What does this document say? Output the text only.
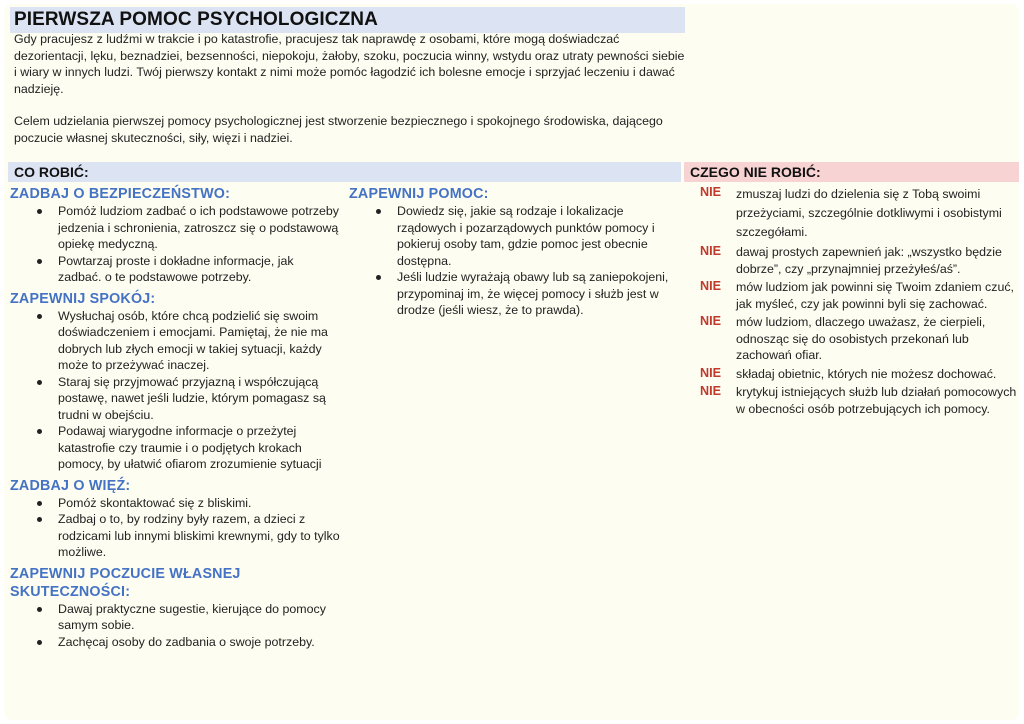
PIERWSZA POMOC PSYCHOLOGICZNA

Gdy pracujesz z ludźmi w trakcie i po katastrofie, pracujesz tak naprawdę z osobami, które mogą doświadczać dezorientacji, lęku, beznadziei, bezsenności, niepokoju, żałoby, szoku, poczucia winny, wstydu oraz utraty pewności siebie i wiary w innych ludzi. Twój pierwszy kontakt z nimi może pomóc łagodzić ich bolesne emocje i sprzyjać leczeniu i dawać nadzieję.

Celem udzielania pierwszej pomocy psychologicznej jest stworzenie bezpiecznego i spokojnego środowiska, dającego poczucie własnej skuteczności, siły, więzi i nadziei.

CO ROBIĆ:	CZEGO NIE ROBIĆ:
ZADBAJ O BEZPIECZEŃSTWO:
Pomóż ludziom zadbać o ich podstawowe potrzeby jedzenia i schronienia, zatroszcz się o podstawową opiekę medyczną.
Powtarzaj proste i dokładne informacje, jak zadbać. o te podstawowe potrzeby.
ZAPEWNIJ SPOKÓJ:
Wysłuchaj osób, które chcą podzielić się swoim doświadczeniem i emocjami. Pamiętaj, że nie ma dobrych lub złych emocji w takiej sytuacji, każdy może to przeżywać inaczej.
Staraj się przyjmować przyjazną i współczującą postawę, nawet jeśli ludzie, którym pomagasz są trudni w obejściu.
Podawaj wiarygodne informacje o przeżytej katastrofie czy traumie i o podjętych krokach pomocy, by ułatwić ofiarom zrozumienie sytuacji
ZADBAJ O WIĘŹ:
Pomóż skontaktować się z bliskimi.
Zadbaj o to, by rodziny były razem, a dzieci z rodzicami lub innymi bliskimi krewnymi, gdy to tylko możliwe.
ZAPEWNIJ POCZUCIE WŁASNEJ SKUTECZNOŚCI:
Dawaj praktyczne sugestie, kierujące do pomocy samym sobie.
Zachęcaj osoby do zadbania o swoje potrzeby.
ZAPEWNIJ POMOC:
Dowiedz się, jakie są rodzaje i lokalizacje rządowych i pozarządowych punktów pomocy i pokieruj osoby tam, gdzie pomoc jest obecnie dostępna.
Jeśli ludzie wyrażają obawy lub są zaniepokojeni, przypominaj im, że więcej pomocy i służb jest w drodze (jeśli wiesz, że to prawda).
NIE zmuszaj ludzi do dzielenia się z Tobą swoimi przeżyciami, szczególnie dotkliwymi i osobistymi szczegółami.

NIE dawaj prostych zapewnień jak: „wszystko będzie dobrze”, czy „przynajmniej przeżyłeś/aś”.

NIE mów ludziom jak powinni się Twoim zdaniem czuć, jak myśleć, czy jak powinni byli się zachować.

NIE mów ludziom, dlaczego uważasz, że cierpieli, odnosząc się do osobistych przekonań lub zachowań ofiar.

NIE składaj obietnic, których nie możesz dochować.

NIE krytykuj istniejących służb lub działań pomocowych w obecności osób potrzebujących ich pomocy.
